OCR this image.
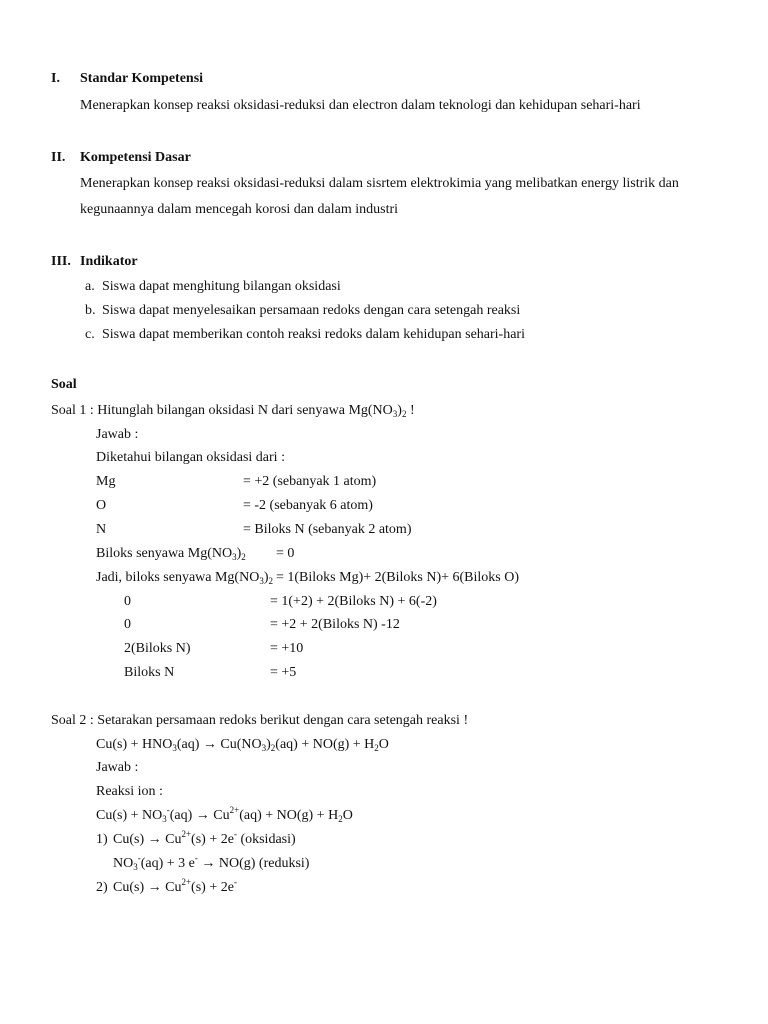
I. Standar Kompetensi
Menerapkan konsep reaksi oksidasi-reduksi dan electron dalam teknologi dan kehidupan sehari-hari
II. Kompetensi Dasar
Menerapkan konsep reaksi oksidasi-reduksi dalam sisrtem elektrokimia yang melibatkan energy listrik dan
kegunaannya dalam mencegah korosi dan dalam industri
III. Indikator
a. Siswa dapat menghitung bilangan oksidasi
b. Siswa dapat menyelesaikan persamaan redoks dengan cara setengah reaksi
c. Siswa dapat memberikan contoh reaksi redoks dalam kehidupan sehari-hari
Soal
Soal 1 : Hitunglah bilangan oksidasi N dari senyawa $Mg(NO_3)_2$ !
Jawab :
Diketahui bilangan oksidasi dari :
Mg	= +2 (sebanyak 1 atom)
O	= -2 (sebanyak 6 atom)
N	= Biloks N (sebanyak 2 atom)
Biloks senyawa $Mg(NO_3)_2 = 0$
Jadi, biloks senyawa $Mg(NO_3)_2$ = 1(Biloks Mg)+ 2(Biloks N)+ 6(Biloks O)
0	= 1(+2) + 2(Biloks N) + 6(-2)
0	= +2 + 2(Biloks N) -12
2(Biloks N)	= +10
Biloks N	= +5
Soal 2 : Setarakan persamaan redoks berikut dengan cara setengah reaksi !
$Cu(s) + HNO_3(aq) \to Cu(NO_3)_2(aq) + NO(g) + H_2O$
Jawab :
Reaksi ion :
$Cu(s) + NO_3^-(aq) \to Cu^{2+}(aq) + NO(g) + H_2O$
1) $Cu(s) \to Cu^{2+}(s) + 2e^-$ (oksidasi)
$NO_3^-(aq) + 3$ e- → NO(g) (reduksi)
2) $Cu(s) \to Cu^{2+}(s) + 2e^-$
